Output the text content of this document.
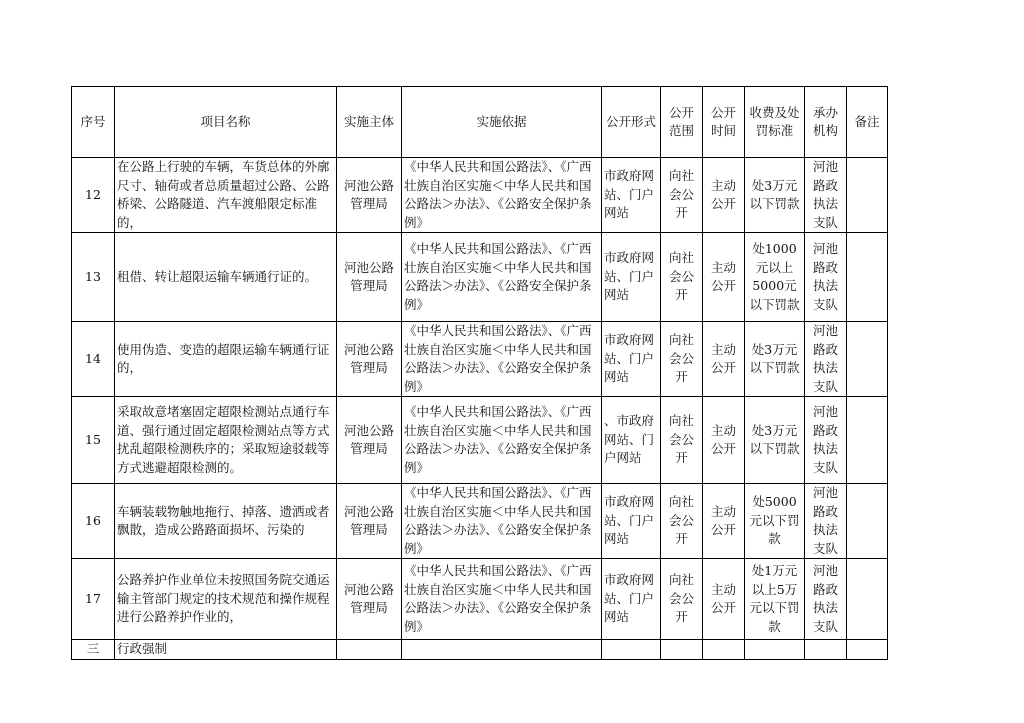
序号	项目名称	实施主体	实施依据	公开形式	公开范围	公开时间	收费及处罚标准	承办机构	备注
12	在公路上行驶的车辆，车货总体的外廓尺寸、轴荷或者总质量超过公路、公路桥梁、公路隧道、汽车渡船限定标准的，	河池公路管理局	《中华人民共和国公路法》、《广西壮族自治区实施＜中华人民共和国公路法＞办法》、《公路安全保护条例》	市政府网站、门户网站	向社会公开	主动公开	处3万元以下罚款	河池路政执法支队	
13	租借、转让超限运输车辆通行证的。	河池公路管理局	《中华人民共和国公路法》、《广西壮族自治区实施＜中华人民共和国公路法＞办法》、《公路安全保护条例》	市政府网站、门户网站	向社会公开	主动公开	处1000元以上5000元以下罚款	河池路政执法支队	
14	使用伪造、变造的超限运输车辆通行证的，	河池公路管理局	《中华人民共和国公路法》、《广西壮族自治区实施＜中华人民共和国公路法＞办法》、《公路安全保护条例》	市政府网站、门户网站	向社会公开	主动公开	处3万元以下罚款	河池路政执法支队	
15	采取故意堵塞固定超限检测站点通行车道、强行通过固定超限检测站点等方式扰乱超限检测秩序的；采取短途驳载等方式逃避超限检测的。	河池公路管理局	《中华人民共和国公路法》、《广西壮族自治区实施＜中华人民共和国公路法＞办法》、《公路安全保护条例》	、市政府网站、门户网站	向社会公开	主动公开	处3万元以下罚款	河池路政执法支队	
16	车辆装载物触地拖行、掉落、遗洒或者飘散，造成公路路面损坏、污染的	河池公路管理局	《中华人民共和国公路法》、《广西壮族自治区实施＜中华人民共和国公路法＞办法》、《公路安全保护条例》	市政府网站、门户网站	向社会公开	主动公开	处5000元以下罚款	河池路政执法支队	
17	公路养护作业单位未按照国务院交通运输主管部门规定的技术规范和操作规程进行公路养护作业的，	河池公路管理局	《中华人民共和国公路法》、《广西壮族自治区实施＜中华人民共和国公路法＞办法》、《公路安全保护条例》	市政府网站、门户网站	向社会公开	主动公开	处1万元以上5万元以下罚款	河池路政执法支队	
三	行政强制								
